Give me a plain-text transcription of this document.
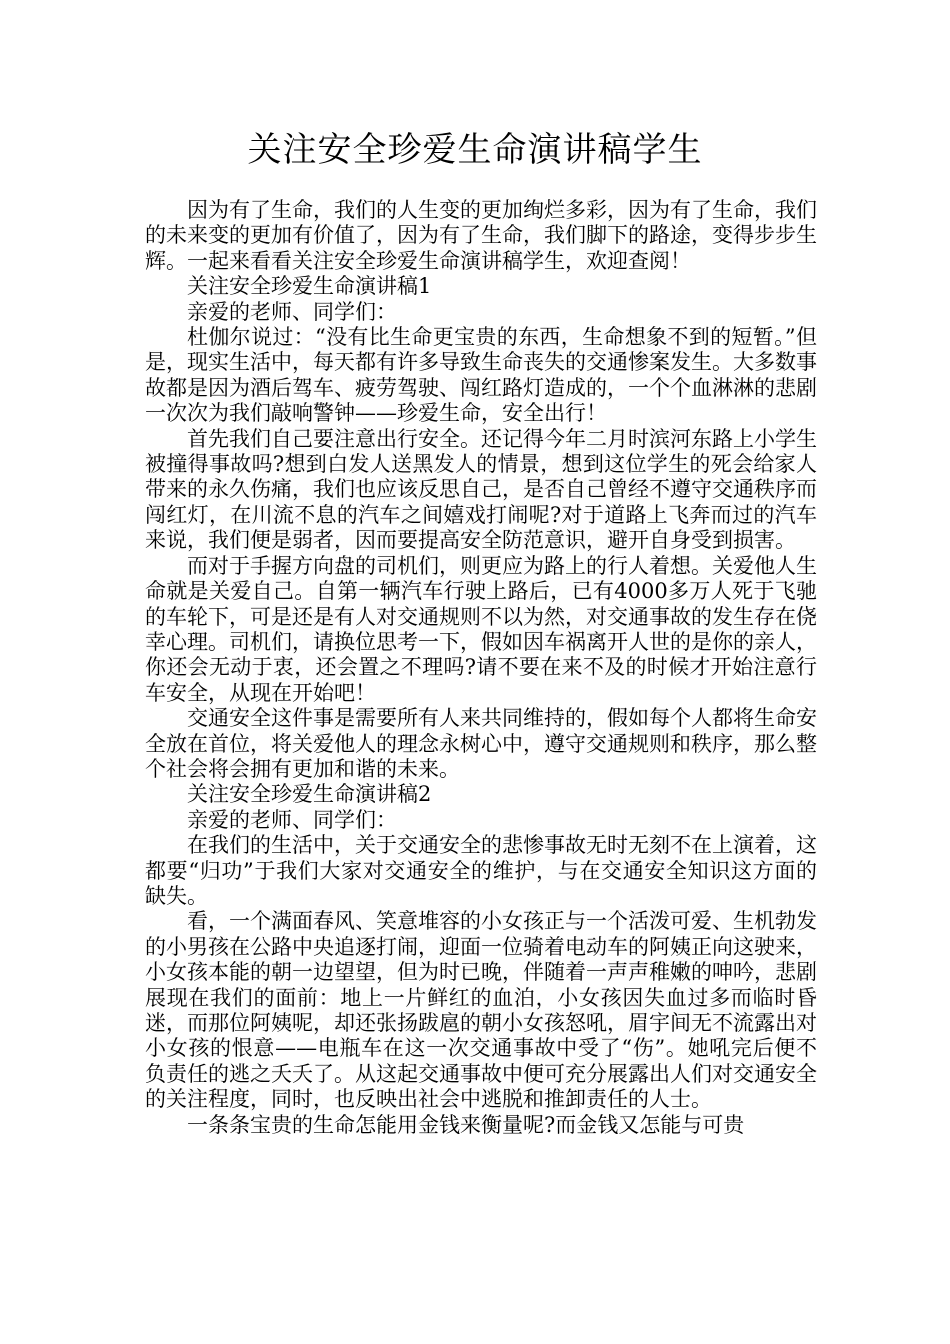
关注安全珍爱生命演讲稿学生

因为有了生命，我们的人生变的更加绚烂多彩，因为有了生命，我们的未来变的更加有价值了，因为有了生命，我们脚下的路途，变得步步生辉。一起来看看关注安全珍爱生命演讲稿学生，欢迎查阅！

关注安全珍爱生命演讲稿1

亲爱的老师、同学们：

杜伽尔说过：“没有比生命更宝贵的东西，生命想象不到的短暂。”但是，现实生活中，每天都有许多导致生命丧失的交通惨案发生。大多数事故都是因为酒后驾车、疲劳驾驶、闯红路灯造成的，一个个血淋淋的悲剧一次次为我们敲响警钟——珍爱生命，安全出行！

首先我们自己要注意出行安全。还记得今年二月时滨河东路上小学生被撞得事故吗?想到白发人送黑发人的情景，想到这位学生的死会给家人带来的永久伤痛，我们也应该反思自己，是否自己曾经不遵守交通秩序而闯红灯，在川流不息的汽车之间嬉戏打闹呢?对于道路上飞奔而过的汽车来说，我们便是弱者，因而要提高安全防范意识，避开自身受到损害。

而对于手握方向盘的司机们，则更应为路上的行人着想。关爱他人生命就是关爱自己。自第一辆汽车行驶上路后，已有4000多万人死于飞驰的车轮下，可是还是有人对交通规则不以为然，对交通事故的发生存在侥幸心理。司机们，请换位思考一下，假如因车祸离开人世的是你的亲人，你还会无动于衷，还会置之不理吗?请不要在来不及的时候才开始注意行车安全，从现在开始吧！

交通安全这件事是需要所有人来共同维持的，假如每个人都将生命安全放在首位，将关爱他人的理念永树心中，遵守交通规则和秩序，那么整个社会将会拥有更加和谐的未来。

关注安全珍爱生命演讲稿2

亲爱的老师、同学们：

在我们的生活中，关于交通安全的悲惨事故无时无刻不在上演着，这都要“归功”于我们大家对交通安全的维护，与在交通安全知识这方面的缺失。

看，一个满面春风、笑意堆容的小女孩正与一个活泼可爱、生机勃发的小男孩在公路中央追逐打闹，迎面一位骑着电动车的阿姨正向这驶来，小女孩本能的朝一边望望，但为时已晚，伴随着一声声稚嫩的呻吟，悲剧展现在我们的面前：地上一片鲜红的血泊，小女孩因失血过多而临时昏迷，而那位阿姨呢，却还张扬跋扈的朝小女孩怒吼，眉宇间无不流露出对小女孩的恨意——电瓶车在这一次交通事故中受了“伤”。她吼完后便不负责任的逃之夭夭了。从这起交通事故中便可充分展露出人们对交通安全的关注程度，同时，也反映出社会中逃脱和推卸责任的人士。

一条条宝贵的生命怎能用金钱来衡量呢?而金钱又怎能与可贵
